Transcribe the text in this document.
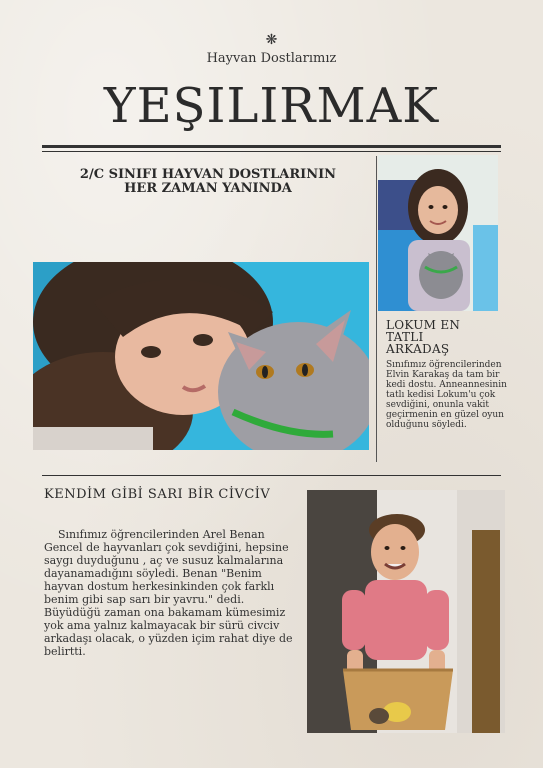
❋
Hayvan Dostlarımız
YEŞILIRMAK
2/C SINIFI HAYVAN DOSTLARININ
HER ZAMAN YANINDA
LOKUM EN
TATLI
ARKADAŞ
Sınıfımız öğrencilerinden Elvin Karakaş da tam bir kedi dostu. Anneannesinin tatlı kedisi Lokum'u çok sevdiğini, onunla vakit geçirmenin en güzel oyun olduğunu söyledi.
KENDİM GİBİ SARI BİR CİVCİV
Sınıfımız öğrencilerinden Arel Benan Gencel de hayvanları çok sevdiğini, hepsine saygı duyduğunu , aç ve susuz kalmalarına dayanamadığını söyledi. Benan "Benim hayvan dostum herkesinkinden çok farklı benim gibi sap sarı bir yavru." dedi. Büyüdüğü zaman ona bakamam kümesimiz yok ama yalnız kalmayacak bir sürü civciv arkadaşı olacak, o yüzden içim rahat diye de belirtti.
